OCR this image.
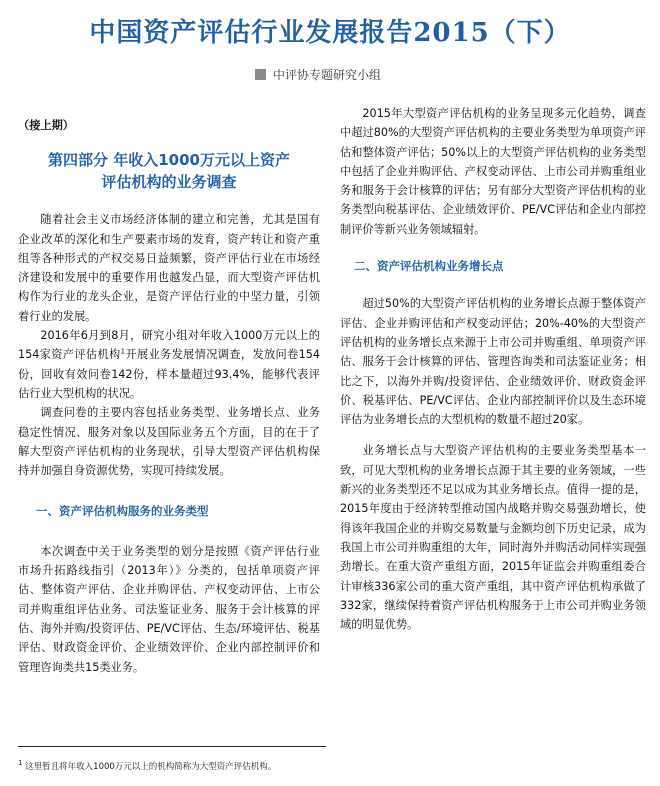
中国资产评估行业发展报告2015（下）
中评协专题研究小组

（接上期）

第四部分 年收入1000万元以上资产
评估机构的业务调查

随着社会主义市场经济体制的建立和完善，尤其是国有企业改革的深化和生产要素市场的发育，资产转让和资产重组等各种形式的产权交易日益频繁，资产评估行业在市场经济建设和发展中的重要作用也越发凸显，而大型资产评估机构作为行业的龙头企业，是资产评估行业的中坚力量，引领着行业的发展。

2016年6月到8月，研究小组对年收入1000万元以上的154家资产评估机构$^1$开展业务发展情况调查，发放问卷154份，回收有效问卷142份，样本量超过93.4%，能够代表评估行业大型机构的状况。

调查问卷的主要内容包括业务类型、业务增长点、业务稳定性情况、服务对象以及国际业务五个方面，目的在于了解大型资产评估机构的业务现状，引导大型资产评估机构保持并加强自身资源优势，实现可持续发展。

一、资产评估机构服务的业务类型

本次调查中关于业务类型的划分是按照《资产评估行业市场升拓路线指引（2013年）》分类的，包括单项资产评估、整体资产评估、企业并购评估、产权变动评估、上市公司并购重组评估业务、司法鉴证业务、服务于会计核算的评估、海外并购/投资评估、PE/VC评估、生态/环境评估、税基评估、财政资金评价、企业绩效评价、企业内部控制评价和管理咨询类共15类业务。

2015年大型资产评估机构的业务呈现多元化趋势，调查中超过80%的大型资产评估机构的主要业务类型为单项资产评估和整体资产评估；50%以上的大型资产评估机构的业务类型中包括了企业并购评估、产权变动评估、上市公司并购重组业务和服务于会计核算的评估；另有部分大型资产评估机构的业务类型向税基评估、企业绩效评价、PE/VC评估和企业内部控制评价等新兴业务领域辐射。

二、资产评估机构业务增长点

超过50%的大型资产评估机构的业务增长点源于整体资产评估、企业并购评估和产权变动评估；20%-40%的大型资产评估机构的业务增长点来源于上市公司并购重组、单项资产评估、服务于会计核算的评估、管理咨询类和司法鉴证业务；相比之下，以海外并购/投资评估、企业绩效评价、财政资金评价、税基评估、PE/VC评估、企业内部控制评价以及生态环境评估为业务增长点的大型机构的数量不超过20家。

业务增长点与大型资产评估机构的主要业务类型基本一致，可见大型机构的业务增长点源于其主要的业务领域，一些新兴的业务类型还不足以成为其业务增长点。值得一提的是，2015年度由于经济转型推动国内战略并购交易强劲增长，使得该年我国企业的并购交易数量与金额均创下历史记录，成为我国上市公司并购重组的大年，同时海外并购活动同样实现强劲增长。在重大资产重组方面，2015年证监会并购重组委合计审核336家公司的重大资产重组，其中资产评估机构承做了332家，继续保持着资产评估机构服务于上市公司并购业务领域的明显优势。

$^1$ 这里暂且将年收入1000万元以上的机构简称为大型资产评估机构。
